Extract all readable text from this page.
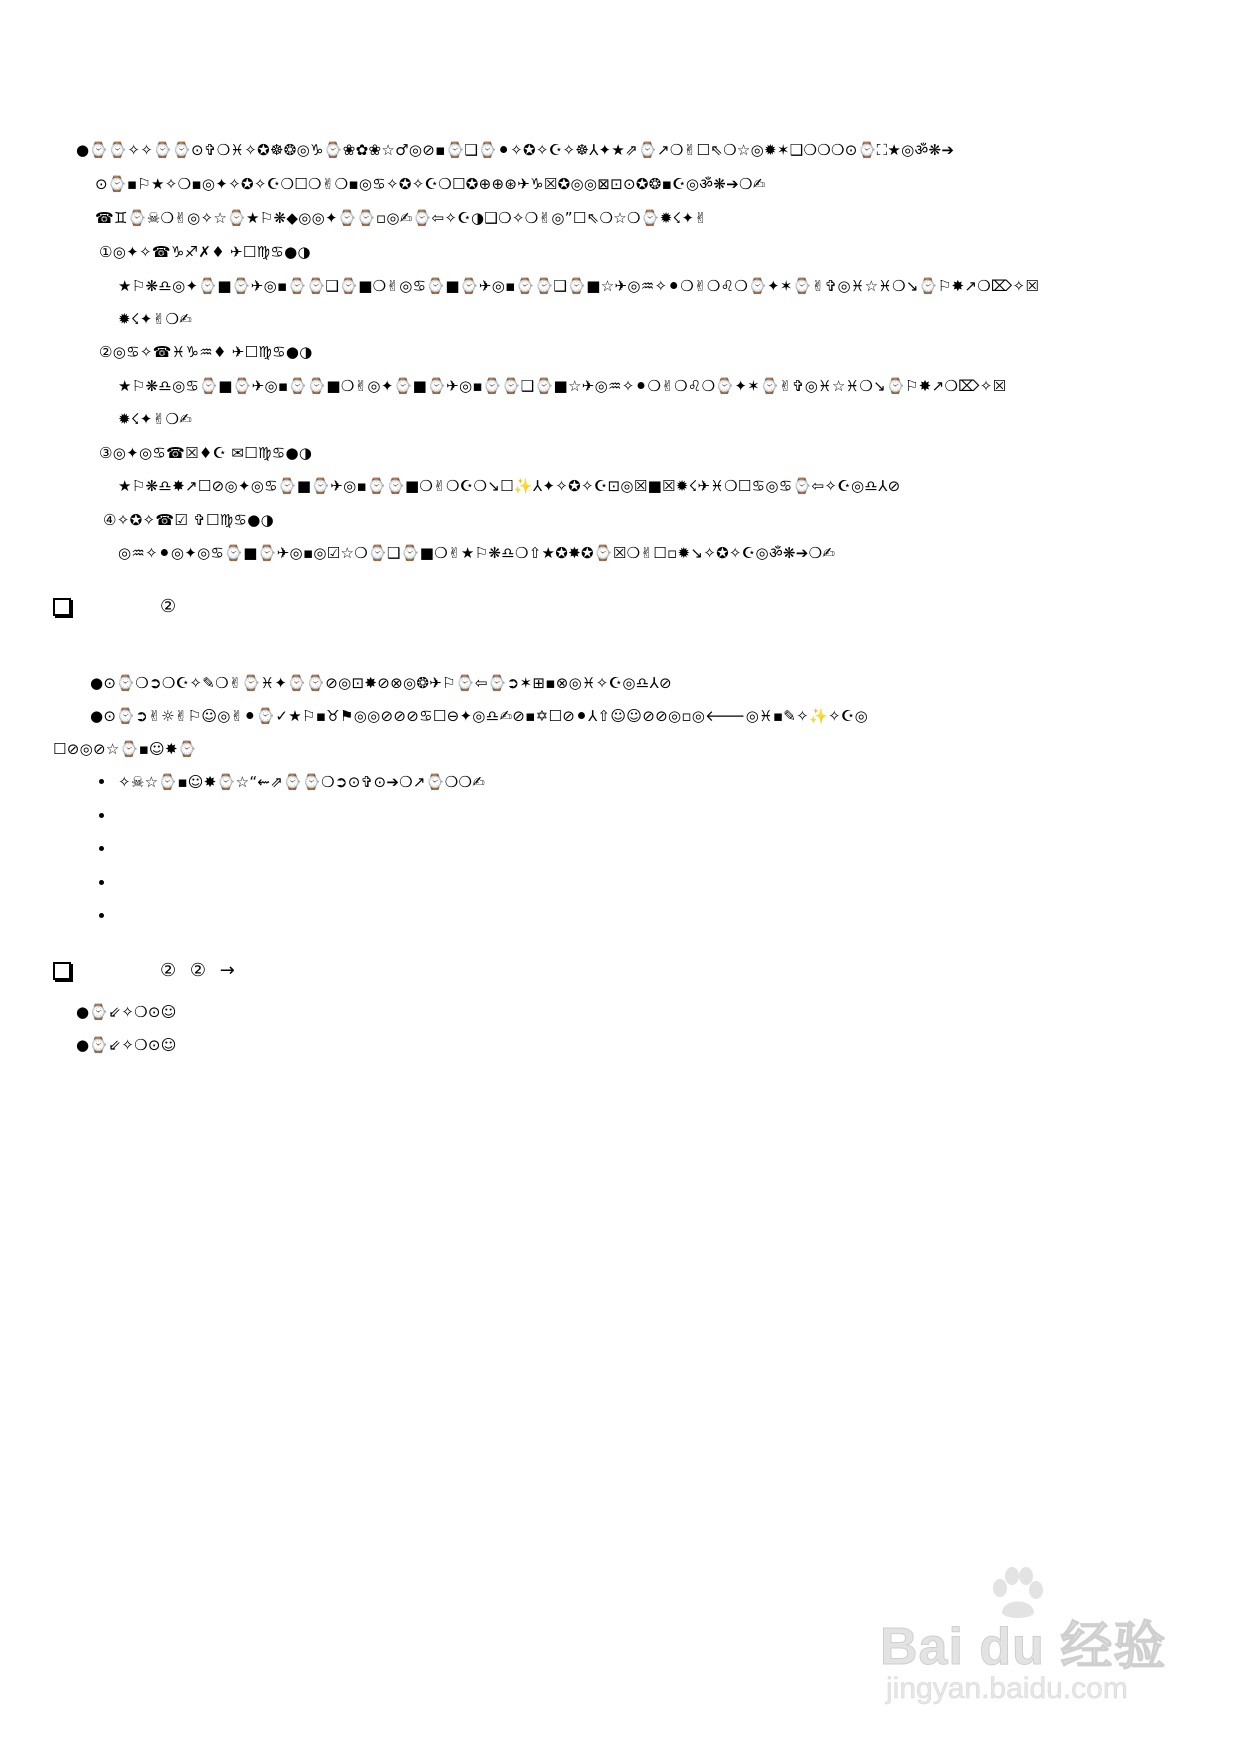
●⌚⌚✧✧⌚⌚⊙✞❍♓✧✪☸❂◎♑⌚❀✿❀☆♂◎⊘▪⌚❑⌚⚫✧✪✧☪✧☸⅄✦★⇗⌚↗❍✌☐⇖❍☆◎✹✶❑❍❍❍⊙⌚⛶★◎ॐ❋➔
⊙⌚▪⚐★✧❍▪◎✦✧✪✧☪❍☐❍✌❍▪◎♋✧✪✧☪❍☐✪⊕⊕⊛✈♑☒✪◎◎⊠⊡⊙✪❂▪☪◎ॐ❋➔❍✍
☎♊⌚☠❍✌◎✧☆⌚★⚐❋◆◎◎✦⌚⌚▫◎✍⌚⇦✧☪◑❑❍✧❍✌◎”☐⇖❍☆❍⌚✹☇✦✌
①◎✦✧☎♑♐✗♦ ✈☐♍♋●◑
★⚐❋♎◎✦⌚■⌚✈◎▪⌚⌚❑⌚■❍✌◎♋⌚■⌚✈◎▪⌚⌚❑⌚■☆✈◎♒✧⚫❍✌❍♌❍⌚✦✶⌚✌✞◎♓☆♓❍↘⌚⚐✸↗❍⌦✧☒
✹☇✦✌❍✍
②◎♋✧☎♓♑♒♦ ✈☐♍♋●◑
★⚐❋♎◎♋⌚■⌚✈◎▪⌚⌚■❍✌◎✦⌚■⌚✈◎▪⌚⌚❑⌚■☆✈◎♒✧⚫❍✌❍♌❍⌚✦✶⌚✌✞◎♓☆♓❍↘⌚⚐✸↗❍⌦✧☒
✹☇✦✌❍✍
③◎✦◎♋☎☒♦☪ ✉☐♍♋●◑
★⚐❋♎✸↗☐⊘◎✦◎♋⌚■⌚✈◎▪⌚⌚■❍✌❍☪❍↘☐✨⅄✦✧✪✧☪⊡◎☒■☒✹☇✈♓❍☐♋◎♋⌚⇦✧☪◎♎⅄⊘
④✧✪✧☎☑ ✞☐♍♋●◑
◎♒✧⚫◎✦◎♋⌚■⌚✈◎▪◎☑☆❍⌚❑⌚■❍✌★⚐❋♎❍⇧★✪✸✪⌚☒❍✌☐▫✹↘✧✪✧☪◎ॐ❋➔❍✍
②
●⊙⌚❍➲❍☪✧✎❍✌⌚♓✦⌚⌚⊘◎⊡✸⊘⊗◎❂✈⚐⌚⇦⌚➲✶⊞▪⊗◎♓✧☪◎♎⅄⊘
●⊙⌚➲✌☼✌⚐☺◎✌⚫⌚✓★⚐▪♉⚑◎◎⊘⊘⊘♋☐⊖✦◎♎✍⊘▪✡☐⊘⚫⅄⇧☺☺⊘⊘◎▫◎🡐◎♓▪✎✧✨✧☪◎
☐⊘◎⊘☆⌚▪☺✸⌚
✧☠☆⌚▪☺✸⌚☆“⇜⇗⌚⌚❍➲⊙✞⊙➔❍↗⌚❍❍✍
② ② →
●⌚⇙✧❍⊙☺
●⌚⇙✧❍⊙☺
Bai du 经验
jingyan.baidu.com
